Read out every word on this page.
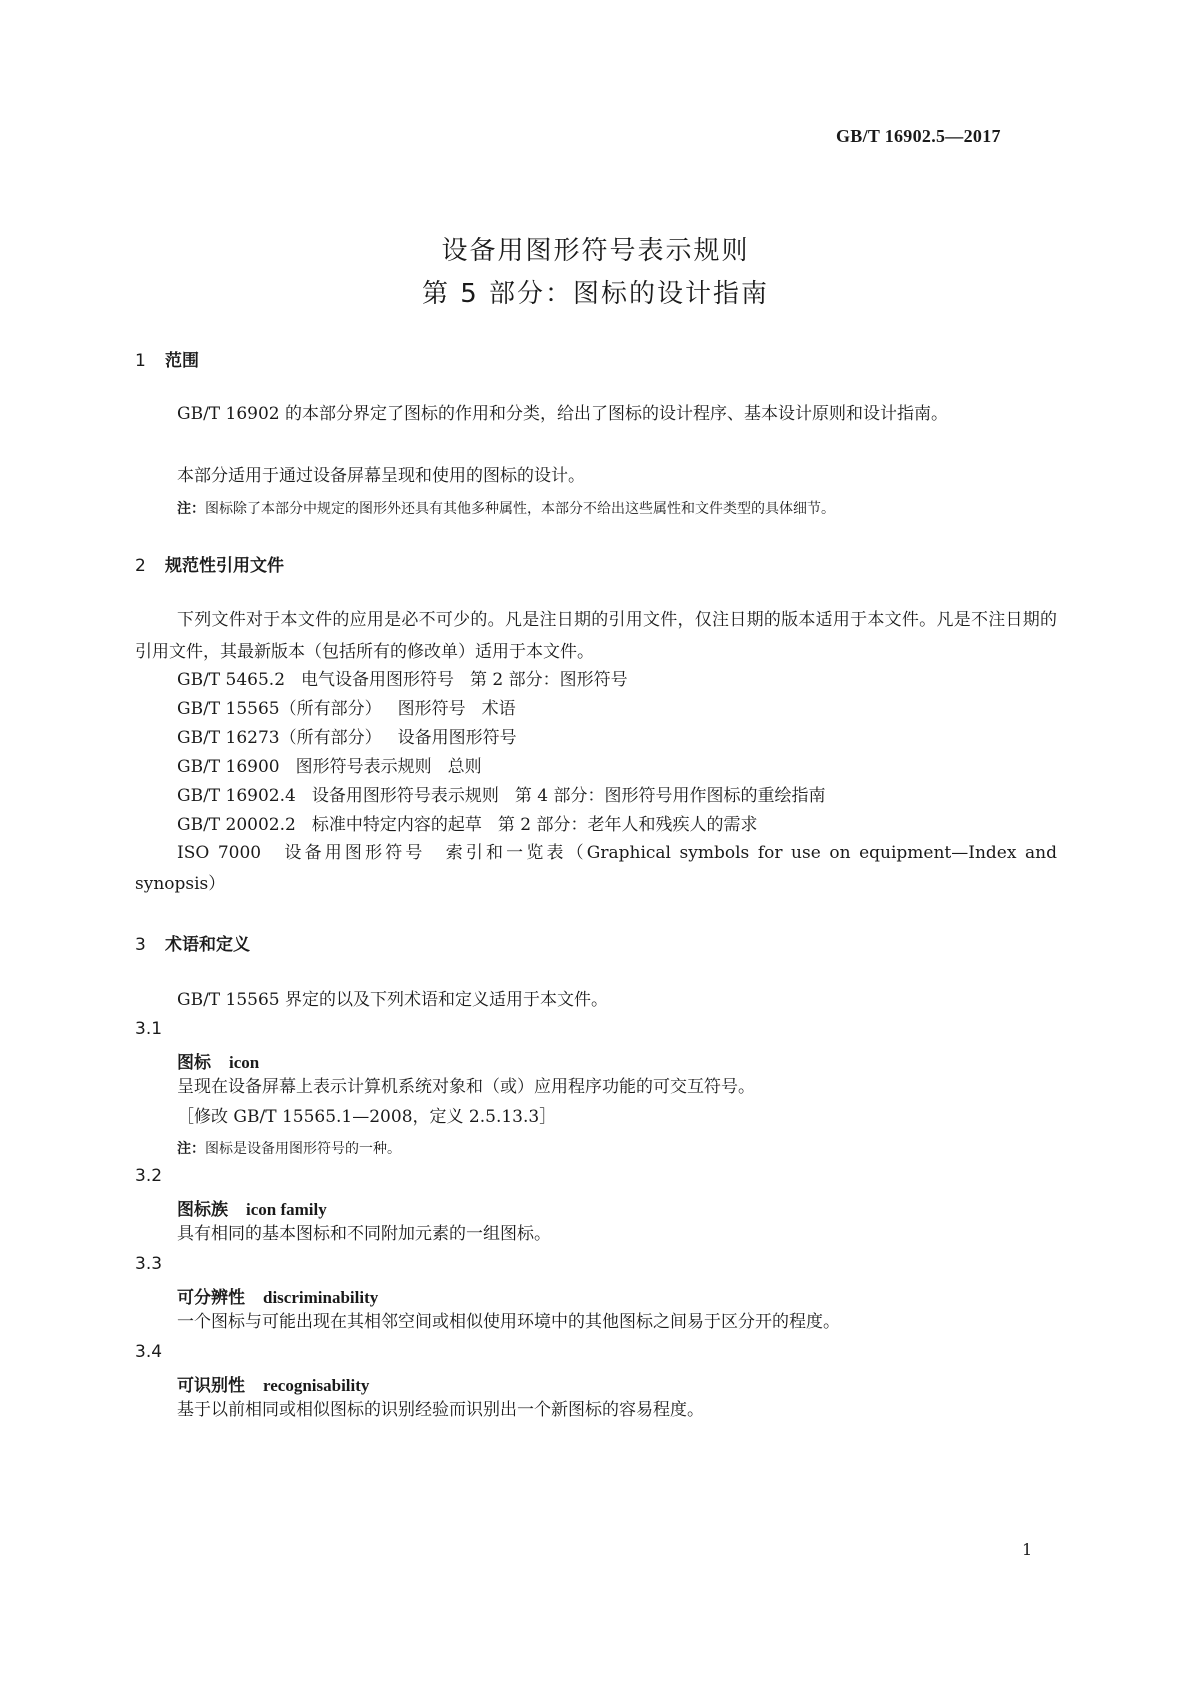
GB/T 16902.5—2017
设备用图形符号表示规则
第 5 部分：图标的设计指南
1 范围
GB/T 16902 的本部分界定了图标的作用和分类，给出了图标的设计程序、基本设计原则和设计指南。
本部分适用于通过设备屏幕呈现和使用的图标的设计。
注：图标除了本部分中规定的图形外还具有其他多种属性，本部分不给出这些属性和文件类型的具体细节。
2 规范性引用文件
下列文件对于本文件的应用是必不可少的。凡是注日期的引用文件，仅注日期的版本适用于本文件。凡是不注日期的引用文件，其最新版本（包括所有的修改单）适用于本文件。
GB/T 5465.2 电气设备用图形符号 第 2 部分：图形符号
GB/T 15565（所有部分） 图形符号 术语
GB/T 16273（所有部分） 设备用图形符号
GB/T 16900 图形符号表示规则 总则
GB/T 16902.4 设备用图形符号表示规则 第 4 部分：图形符号用作图标的重绘指南
GB/T 20002.2 标准中特定内容的起草 第 2 部分：老年人和残疾人的需求
ISO 7000　设备用图形符号　索引和一览表（Graphical symbols for use on equipment—Index and synopsis）
3 术语和定义
GB/T 15565 界定的以及下列术语和定义适用于本文件。
3.1
图标 icon
呈现在设备屏幕上表示计算机系统对象和（或）应用程序功能的可交互符号。
［修改 GB/T 15565.1—2008，定义 2.5.13.3］
注：图标是设备用图形符号的一种。
3.2
图标族 icon family
具有相同的基本图标和不同附加元素的一组图标。
3.3
可分辨性 discriminability
一个图标与可能出现在其相邻空间或相似使用环境中的其他图标之间易于区分开的程度。
3.4
可识别性 recognisability
基于以前相同或相似图标的识别经验而识别出一个新图标的容易程度。
1
